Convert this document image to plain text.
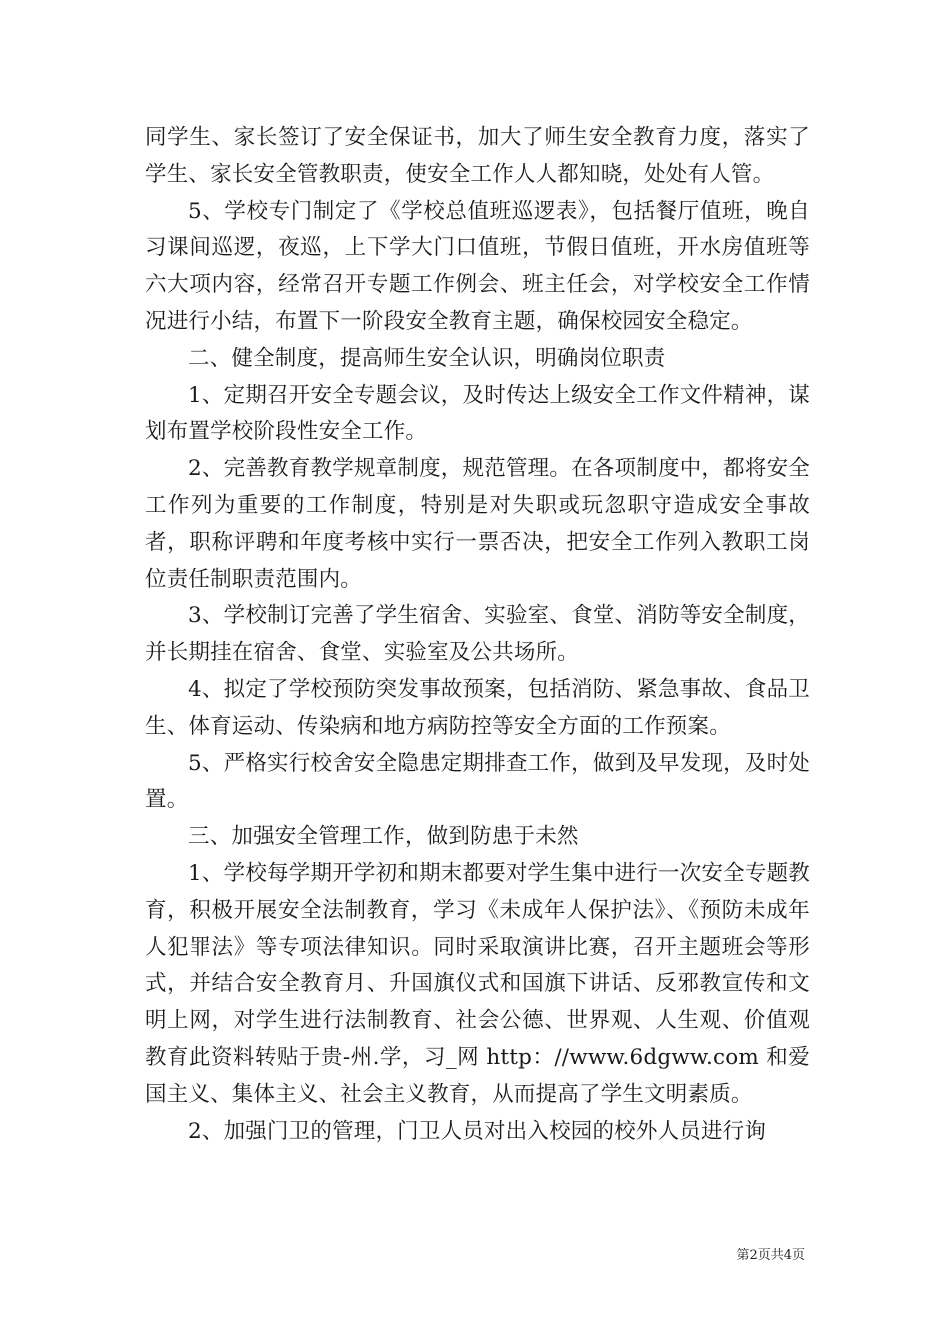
同学生、家长签订了安全保证书，加大了师生安全教育力度，落实了学生、家长安全管教职责，使安全工作人人都知晓，处处有人管。

5、学校专门制定了《学校总值班巡逻表》，包括餐厅值班，晚自习课间巡逻，夜巡，上下学大门口值班，节假日值班，开水房值班等六大项内容，经常召开专题工作例会、班主任会，对学校安全工作情况进行小结，布置下一阶段安全教育主题，确保校园安全稳定。

二、健全制度，提高师生安全认识，明确岗位职责

1、定期召开安全专题会议，及时传达上级安全工作文件精神，谋划布置学校阶段性安全工作。

2、完善教育教学规章制度，规范管理。在各项制度中，都将安全工作列为重要的工作制度，特别是对失职或玩忽职守造成安全事故者，职称评聘和年度考核中实行一票否决，把安全工作列入教职工岗位责任制职责范围内。

3、学校制订完善了学生宿舍、实验室、食堂、消防等安全制度，并长期挂在宿舍、食堂、实验室及公共场所。

4、拟定了学校预防突发事故预案，包括消防、紧急事故、食品卫生、体育运动、传染病和地方病防控等安全方面的工作预案。

5、严格实行校舍安全隐患定期排查工作，做到及早发现，及时处置。

三、加强安全管理工作，做到防患于未然

1、学校每学期开学初和期末都要对学生集中进行一次安全专题教育，积极开展安全法制教育，学习《未成年人保护法》、《预防未成年人犯罪法》等专项法律知识。同时采取演讲比赛，召开主题班会等形式，并结合安全教育月、升国旗仪式和国旗下讲话、反邪教宣传和文明上网，对学生进行法制教育、社会公德、世界观、人生观、价值观教育此资料转贴于贵-州.学，习_网 http：//www.6dgww.com 和爱国主义、集体主义、社会主义教育，从而提高了学生文明素质。

2、加强门卫的管理，门卫人员对出入校园的校外人员进行询

第2页共4页
